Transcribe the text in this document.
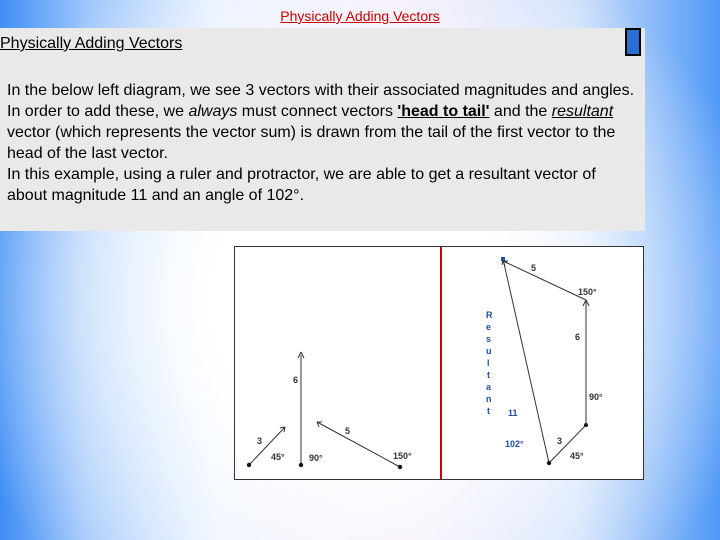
Physically Adding Vectors
Physically Adding Vectors

In the below left diagram, we see 3 vectors with their associated magnitudes and angles. In order to add these, we always must connect vectors 'head to tail' and the resultant vector (which represents the vector sum) is drawn from the tail of the first vector to the head of the last vector.

In this example, using a ruler and protractor, we are able to get a resultant vector of about magnitude 11 and an angle of 102°.

3
45°
6
90°
5
150°
3
45°
6
90°
5
150°
R
e
s
u
l
t
a
n
t 11
102°
